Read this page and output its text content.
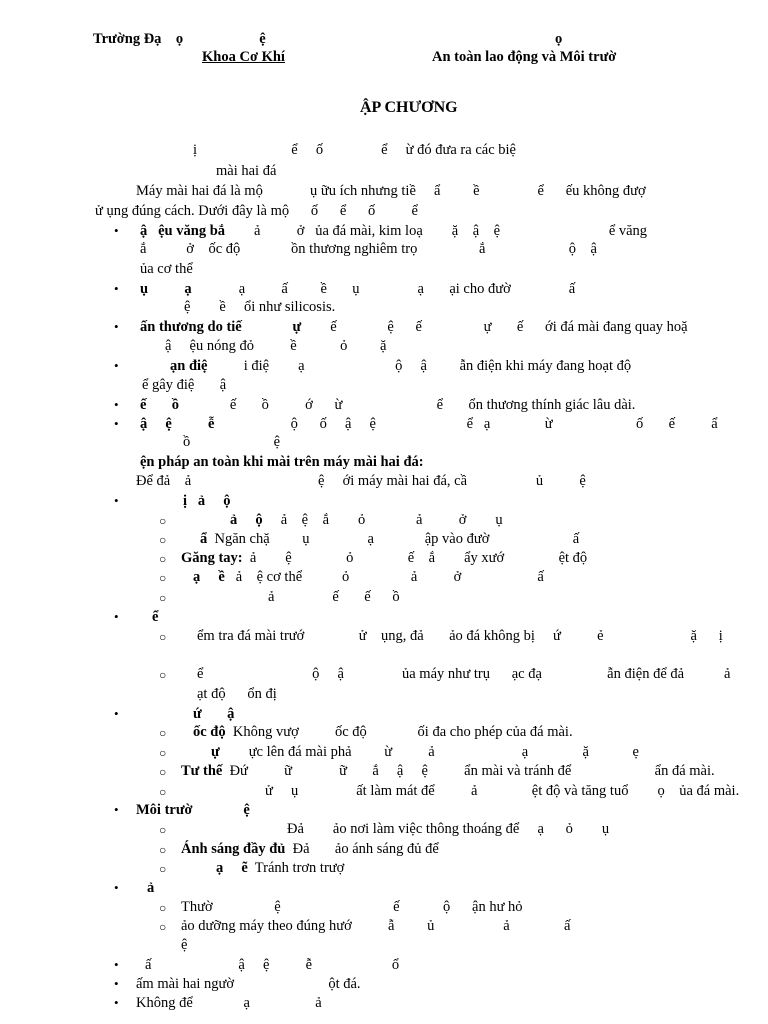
Trường Đạ    ọ                     ệ	ọ
Khoa Cơ Khí	An toàn lao động và Môi trườ
ẬP CHƯƠNG
ị                          ể     ố                ể     ừ đó đưa ra các biệ
mài hai đá
Máy mài hai đá là mộ             ụ ữu ích nhưng tiề     ẩ         ề                ể      ếu không đượ
ử ụng đúng cách. Dưới đây là mộ      ố      ể      ố          ể
• ậ   ệu văng bắ        ả          ở   ủa đá mài, kim loạ        ặ    ậ    ệ                              ể văng
ắ           ở    ốc độ              ồn thương nghiêm trọ                 ắ                       ộ    ậ
ủa cơ thể
• ụ          ạ             ạ          ấ         ề       ụ                ạ       ại cho đườ                ấ
ệ        ề     ổi như silicosis.
• ấn thương do tiế              ự        ế              ệ      ế                 ự       ế      ới đá mài đang quay hoặ
ậ     ệu nóng đỏ          ề            ỏ         ặ
•	ạn điệ          i điệ        ạ                         ộ     ậ         ẫn điện khi máy đang hoạt độ
ể gây điệ       ậ
• ế       ồ              ế       ồ          ớ      ừ                          ể       ổn thương thính giác lâu dài.
• ậ     ệ          ễ                     ộ      ố     ậ     ệ                         ể   ạ               ừ                       ố       ế          ẩ
ồ                       ệ
ện pháp an toàn khi mài trên máy mài hai đá:
Để đả    ả                                   ệ     ới máy mài hai đá, cầ                   ủ          ệ
•	ị   ả     ộ
○	ả     ộ     ả    ệ    ắ        ỏ              ả          ở        ụ
○ ẩ  Ngăn chặ         ụ                ạ              ập vào đườ                       ấ
○ Găng tay:  ả        ệ               ỏ               ế    ắ        ẩy xướ               ệt độ
○ ạ     ề   ả    ệ cơ thể           ỏ                 ả          ở                     ấ
○	ả                ế       ế      ồ
• ể
○ ểm tra đá mài trướ               ử    ụng, đả       ảo đá không bị     ứ          ẻ                        ặ      ị
○ ể                              ộ     ậ                ủa máy như trụ      ạc đạ                  ẫn điện để đả           ả
ạt độ      ổn đị
•	ứ       ậ
○ ốc độ  Không vượ          ốc độ              ối đa cho phép của đá mài.
○	ự        ực lên đá mài phả         ừ          ả                        ạ               ặ            ẹ
○ Tư thế  Đứ          ữ             ữ       ắ     ậ     ệ          ẩn mài và tránh để                       ẩn đá mài.
○	ử     ụ                ất làm mát để          ả               ệt độ và tăng tuổ        ọ    ủa đá mài.
• Môi trườ              ệ
○	Đả        ảo nơi làm việc thông thoáng để     ạ      ỏ        ụ
○ Ánh sáng đầy đủ  Đả       ảo ánh sáng đủ để
○	ạ     ẽ  Tránh trơn trượ
• ả
○ Thườ                 ệ                               ế            ộ      ận hư hỏ
○ ảo dưỡng máy theo đúng hướ          ẫ         ủ                   ả               ấ
ệ
• ấ                        ậ     ệ          ễ                      ổ
• ấm mài hai ngườ                          ột đá.
• Không để              ạ                  ả
